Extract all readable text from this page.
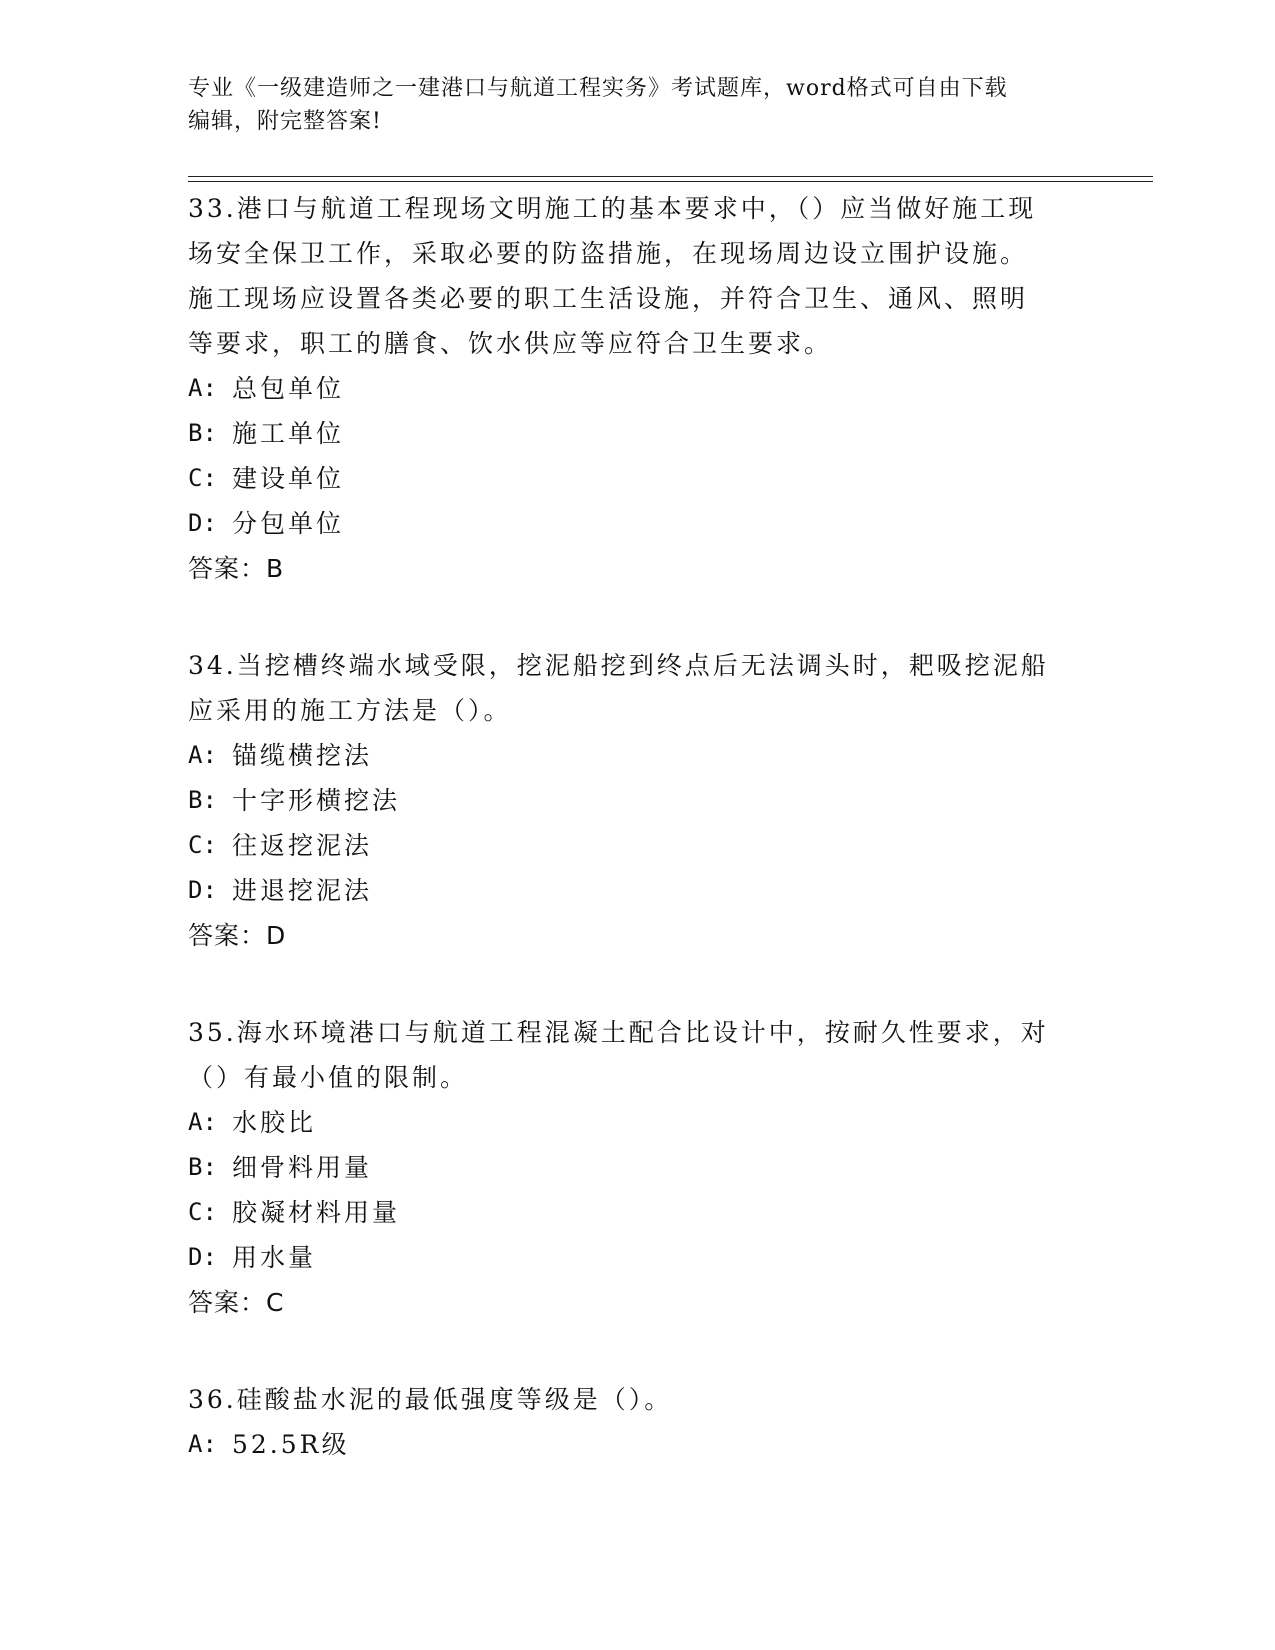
专业《一级建造师之一建港口与航道工程实务》考试题库，word格式可自由下载
编辑，附完整答案!

33.港口与航道工程现场文明施工的基本要求中，（）应当做好施工现

场安全保卫工作，采取必要的防盗措施，在现场周边设立围护设施。

施工现场应设置各类必要的职工生活设施，并符合卫生、通风、照明

等要求，职工的膳食、饮水供应等应符合卫生要求。

A: 总包单位
B: 施工单位
C: 建设单位
D: 分包单位

答案：B

34.当挖槽终端水域受限，挖泥船挖到终点后无法调头时，耙吸挖泥船

应采用的施工方法是（）。

A: 锚缆横挖法
B: 十字形横挖法
C: 往返挖泥法
D: 进退挖泥法

答案：D

35.海水环境港口与航道工程混凝土配合比设计中，按耐久性要求，对

（）有最小值的限制。

A: 水胶比
B: 细骨料用量
C: 胶凝材料用量
D: 用水量

答案：C

36.硅酸盐水泥的最低强度等级是（）。

A: 52.5R级
